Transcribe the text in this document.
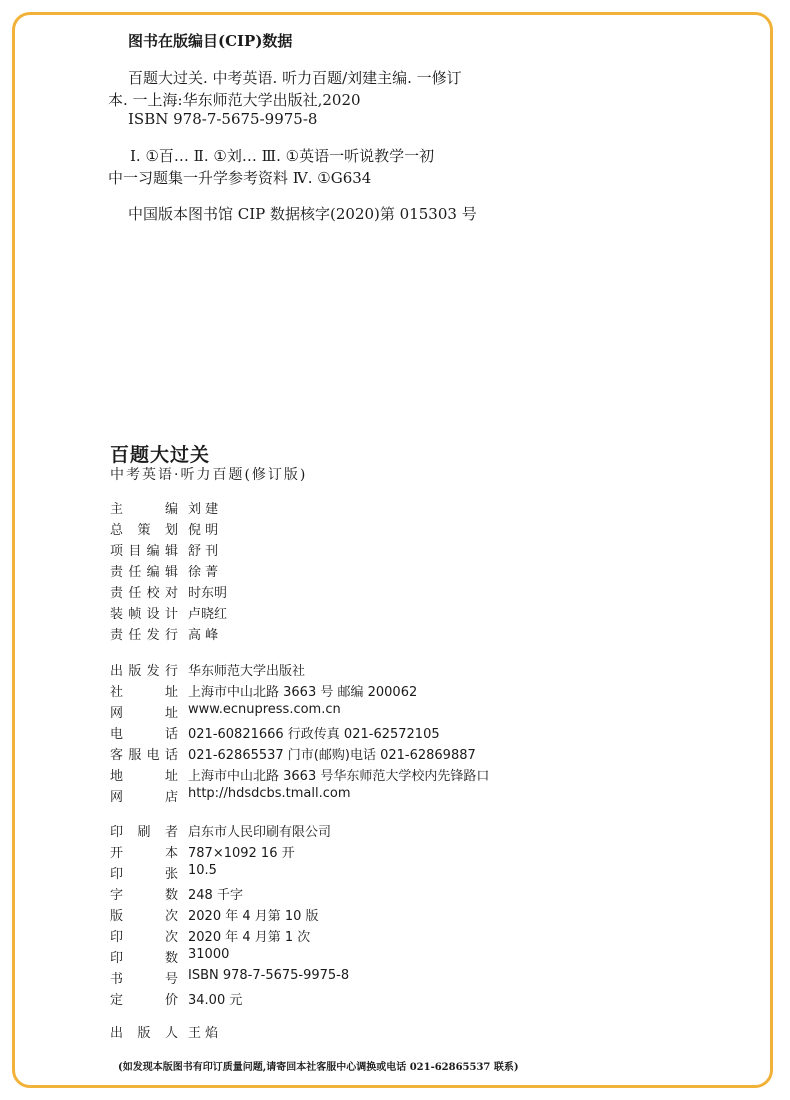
图书在版编目(CIP)数据
百题大过关. 中考英语. 听力百题/刘建主编. 一修订
本. 一上海:华东师范大学出版社,2020
ISBN 978-7-5675-9975-8
Ⅰ. ①百… Ⅱ. ①刘… Ⅲ. ①英语一听说教学一初
中一习题集一升学参考资料 Ⅳ. ①G634
中国版本图书馆 CIP 数据核字(2020)第 015303 号
百题大过关
中考英语·听力百题(修订版)
主编 刘 建
总策划 倪 明
项目编辑 舒 刊
责任编辑 徐 菁
责任校对 时东明
装帧设计 卢晓红
责任发行 高 峰
出版发行 华东师范大学出版社
社址 上海市中山北路 3663 号 邮编 200062
网址 www.ecnupress.com.cn
电话 021-60821666 行政传真 021-62572105
客服电话 021-62865537 门市(邮购)电话 021-62869887
地址 上海市中山北路 3663 号华东师范大学校内先锋路口
网店 http://hdsdcbs.tmall.com
印刷者 启东市人民印刷有限公司
开本 787×1092 16 开
印张 10.5
字数 248 千字
版次 2020 年 4 月第 10 版
印次 2020 年 4 月第 1 次
印数 31000
书号 ISBN 978-7-5675-9975-8
定价 34.00 元
出版人 王 焰
(如发现本版图书有印订质量问题,请寄回本社客服中心调换或电话 021-62865537 联系)
